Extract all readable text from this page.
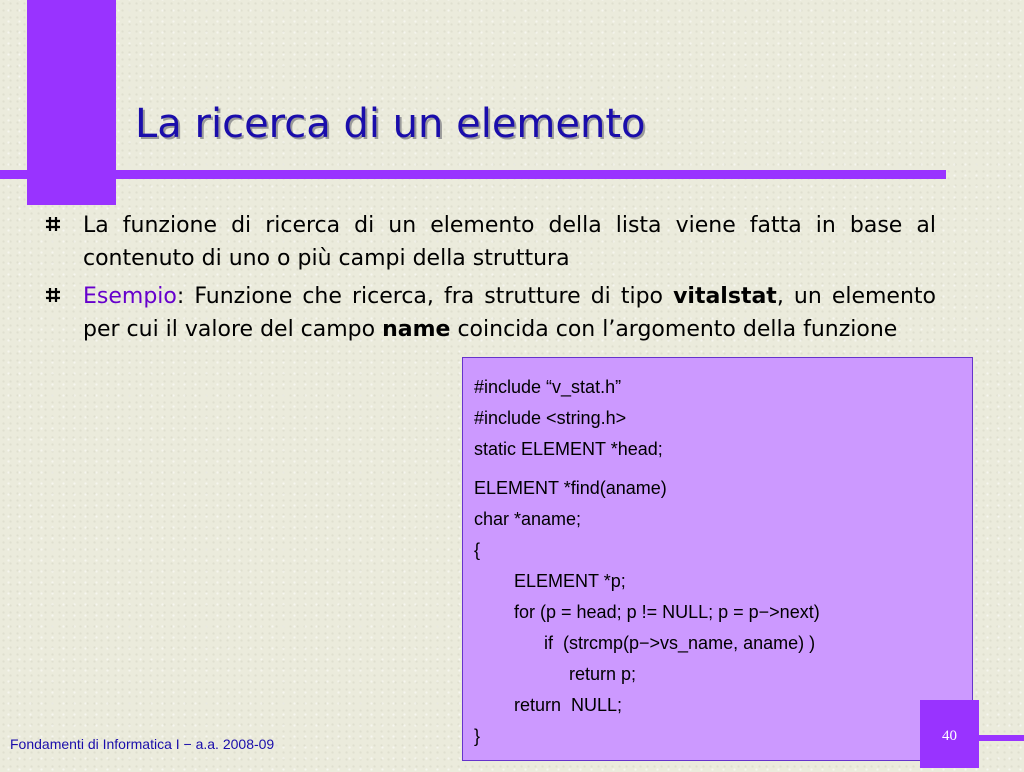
La ricerca di un elemento
La funzione di ricerca di un elemento della lista viene fatta in base al contenuto di uno o più campi della struttura
Esempio: Funzione che ricerca, fra strutture di tipo vitalstat, un elemento per cui il valore del campo name coincida con l’argomento della funzione
#include “v_stat.h”
#include <string.h>
static ELEMENT *head;
ELEMENT *find(aname)
char *aname;
{
ELEMENT *p;
for (p = head; p != NULL; p = p−>next)
if  (strcmp(p−>vs_name, aname) )
return p;
return  NULL;
}
Fondamenti di Informatica I − a.a. 2008-09	40
